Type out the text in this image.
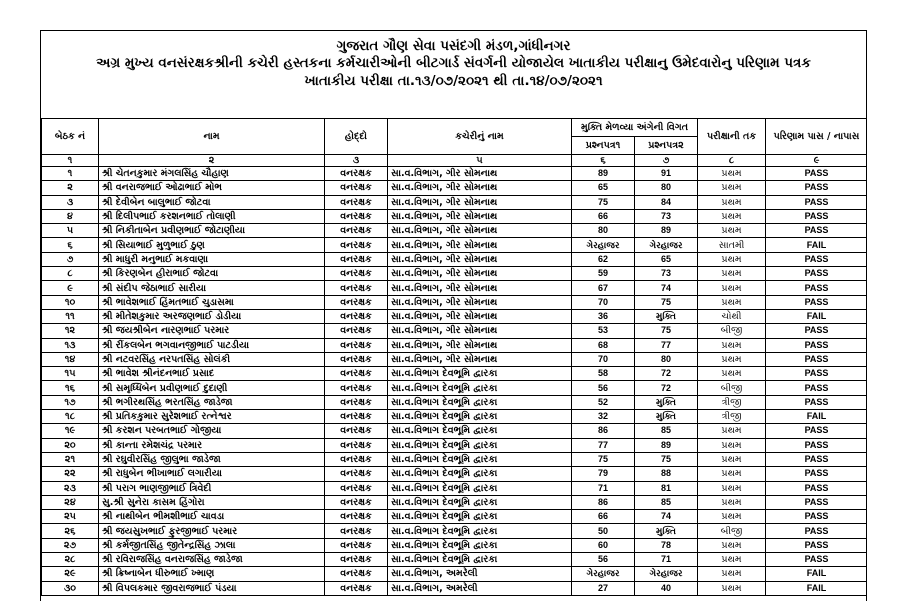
ગુજરાત ગૌણ સેવા પસંદગી મંડળ,ગાંધીનગર
અગ્ર મુખ્ય વનસંરક્ષકશ્રીની કચેરી હસ્તકના કર્મચારીઓની બીટગાર્ડ સંવર્ગની યોજાયેલ ખાતાકીય પરીક્ષાનુ ઉમેદવારોનુ પરિણામ પત્રક
ખાતાકીય પરીક્ષા તા.૧૩/૦૭/૨૦૨૧ થી તા.૧૪/૦૭/૨૦૨૧
બેઠક નં	નામ	હોદ્દો	કચેરીનું નામ	મુક્તિ મેળવ્યા અંગેની વિગત		પરીક્ષાની તક	પરિણામ પાસ / નાપાસ
				પ્રશ્નપત્ર૧	પ્રશ્નપત્ર૨		
૧	૨	૩	૫	૬	૭	૮	૯
૧	શ્રી ચેતનકુમાર મંગલસિંહ ચૌહાણ	વનરક્ષક	સા.વ.વિભાગ, ગીર સોમનાથ	89	91	પ્રથમ	PASS
૨	શ્રી વનરાજભાઈ ઓઢાભાઈ મોભ	વનરક્ષક	સા.વ.વિભાગ, ગીર સોમનાથ	65	80	પ્રથમ	PASS
૩	શ્રી દેવીબેન બાલુભાઈ જોટવા	વનરક્ષક	સા.વ.વિભાગ, ગીર સોમનાથ	75	84	પ્રથમ	PASS
૪	શ્રી દિલીપભાઈ કરશનભાઈ તોલાણી	વનરક્ષક	સા.વ.વિભાગ, ગીર સોમનાથ	66	73	પ્રથમ	PASS
૫	શ્રી નિકીતાબેન પ્રવીણભાઈ જોટાણીયા	વનરક્ષક	સા.વ.વિભાગ, ગીર સોમનાથ	80	89	પ્રથમ	PASS
૬	શ્રી સિયાભાઈ મુળુભાઈ ઠુણ	વનરક્ષક	સા.વ.વિભાગ, ગીર સોમનાથ	ગેરહાજર	ગેરહાજર	સાતમી	FAIL
૭	શ્રી માધુરી મનુભાઈ મકવાણા	વનરક્ષક	સા.વ.વિભાગ, ગીર સોમનાથ	62	65	પ્રથમ	PASS
૮	શ્રી કિરણબેન હીરાભાઈ જોટવા	વનરક્ષક	સા.વ.વિભાગ, ગીર સોમનાથ	59	73	પ્રથમ	PASS
૯	શ્રી સંદીપ જેઠાભાઈ સારીયા	વનરક્ષક	સા.વ.વિભાગ, ગીર સોમનાથ	67	74	પ્રથમ	PASS
૧૦	શ્રી ભાવેશભાઈ હિંમતભાઈ ચુડાસમા	વનરક્ષક	સા.વ.વિભાગ, ગીર સોમનાથ	70	75	પ્રથમ	PASS
૧૧	શ્રી મીતેશકુમાર અરજણભાઈ ડોડીયા	વનરક્ષક	સા.વ.વિભાગ, ગીર સોમનાથ	36	મુક્તિ	ચોથી	FAIL
૧૨	શ્રી જયશ્રીબેન નારણભાઈ પરમાર	વનરક્ષક	સા.વ.વિભાગ, ગીર સોમનાથ	53	75	બીજી	PASS
૧૩	શ્રી રીંકલબેન ભગવાનજીભાઈ પાટડીયા	વનરક્ષક	સા.વ.વિભાગ, ગીર સોમનાથ	68	77	પ્રથમ	PASS
૧૪	શ્રી નટવરસિંહ નરપતસિંહ સોલંકી	વનરક્ષક	સા.વ.વિભાગ, ગીર સોમનાથ	70	80	પ્રથમ	PASS
૧૫	શ્રી ભાવેશ શ્રીનંદનભાઈ પ્રસાદ	વનરક્ષક	સા.વ.વિભાગ દેવભૂમિ દ્વારકા	58	72	પ્રથમ	PASS
૧૬	શ્રી સમૃધ્ધિબેન પ્રવીણભાઈ દુદાણી	વનરક્ષક	સા.વ.વિભાગ દેવભૂમિ દ્વારકા	56	72	બીજી	PASS
૧૭	શ્રી ભગીરથસિંહ ભરતસિંહ જાડેજા	વનરક્ષક	સા.વ.વિભાગ દેવભૂમિ દ્વારકા	52	મુક્તિ	ત્રીજી	PASS
૧૮	શ્રી પ્રતિકકુમાર સુરેશભાઈ રત્નેશ્વર	વનરક્ષક	સા.વ.વિભાગ દેવભૂમિ દ્વારકા	32	મુક્તિ	ત્રીજી	FAIL
૧૯	શ્રી કરશન પરબતભાઈ ગોજીયા	વનરક્ષક	સા.વ.વિભાગ દેવભૂમિ દ્વારકા	86	85	પ્રથમ	PASS
૨૦	શ્રી કાન્તા રમેશચંદ્ર પરમાર	વનરક્ષક	સા.વ.વિભાગ દેવભૂમિ દ્વારકા	77	89	પ્રથમ	PASS
૨૧	શ્રી રઘુવીરસિંહ જીલુભા જાડેજા	વનરક્ષક	સા.વ.વિભાગ દેવભૂમિ દ્વારકા	75	75	પ્રથમ	PASS
૨૨	શ્રી રાધુબેન ભીખાભાઈ લગારીયા	વનરક્ષક	સા.વ.વિભાગ દેવભૂમિ દ્વારકા	79	88	પ્રથમ	PASS
૨૩	શ્રી પરાગ ભાણજીભાઈ ત્રિવેદી	વનરક્ષક	સા.વ.વિભાગ દેવભૂમિ દ્વારકા	71	81	પ્રથમ	PASS
૨૪	સુ.શ્રી સુનેરા કાસમ હિંગોરા	વનરક્ષક	સા.વ.વિભાગ દેવભૂમિ દ્વારકા	86	85	પ્રથમ	PASS
૨૫	શ્રી નાથીબેન ભીમશીભાઈ ચાવડા	વનરક્ષક	સા.વ.વિભાગ દેવભૂમિ દ્વારકા	66	74	પ્રથમ	PASS
૨૬	શ્રી જયસુખભાઈ ફુરજીભાઈ પરમાર	વનરક્ષક	સા.વ.વિભાગ દેવભૂમિ દ્વારકા	50	મુક્તિ	બીજી	PASS
૨૭	શ્રી કર્મજીતસિંહ જીતેન્દ્રસિંહ ઝાલા	વનરક્ષક	સા.વ.વિભાગ દેવભૂમિ દ્વારકા	60	78	પ્રથમ	PASS
૨૮	શ્રી રવિરાજસિંહ વનરાજસિંહ જાડેજા	વનરક્ષક	સા.વ.વિભાગ દેવભૂમિ દ્વારકા	56	71	પ્રથમ	PASS
૨૯	શ્રી ક્રિષ્નાબેન ધીરુભાઈ ખ્માણ	વનરક્ષક	સા.વ.વિભાગ, અમરેલી	ગેરહાજર	ગેરહાજર	પ્રથમ	FAIL
૩૦	શ્રી વિપલકમાર જીવરાજભાઈ પંડયા	વનરક્ષક	સા.વ.વિભાગ, અમરેલી	27	40	પ્રથમ	FAIL
